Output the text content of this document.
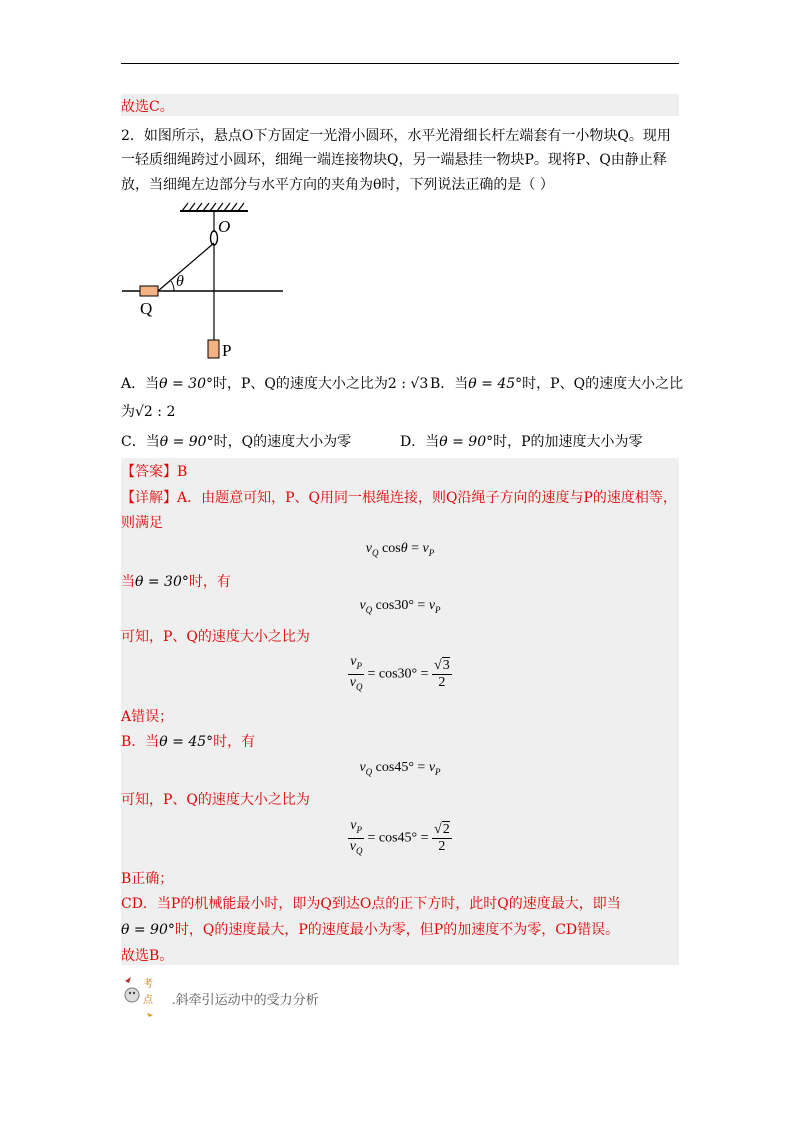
故选C。
2．如图所示，悬点O下方固定一光滑小圆环，水平光滑细长杆左端套有一小物块Q。现用
一轻质细绳跨过小圆环，细绳一端连接物块Q，另一端悬挂一物块P。现将P、Q由静止释
放，当细绳左边部分与水平方向的夹角为θ时，下列说法正确的是（ ）
O
Q
P
θ
A．当θ = 30°时，P、Q的速度大小之比为2 : √3 B．当θ = 45°时，P、Q的速度大小之比
为√2 : 2
C．当θ = 90°时，Q的速度大小为零	D．当θ = 90°时，P的加速度大小为零
【答案】B
【详解】A．由题意可知，P、Q用同一根绳连接，则Q沿绳子方向的速度与P的速度相等，
则满足
$v_Q$ $\cos\theta = v_P$
当θ = 30°时，有
$v_Q$ $\cos 30^\circ = v_P$
可知，P、Q的速度大小之比为
$\frac{v_P}{v_Q} = \cos 30^\circ = \frac{√3}{2}$
A错误；
B．当θ = 45°时，有
$v_Q$ $\cos 45^\circ = v_P$
可知，P、Q的速度大小之比为
$\frac{v_P}{v_Q} = \cos 45^\circ = \frac{√2}{2}$
B正确；
CD．当P的机械能最小时，即为Q到达O点的正下方时，此时Q的速度最大，即当
θ = 90°时，Q的速度最大，P的速度最小为零，但P的加速度不为零，CD错误。
故选B。
考
点 .斜牵引运动中的受力分析
